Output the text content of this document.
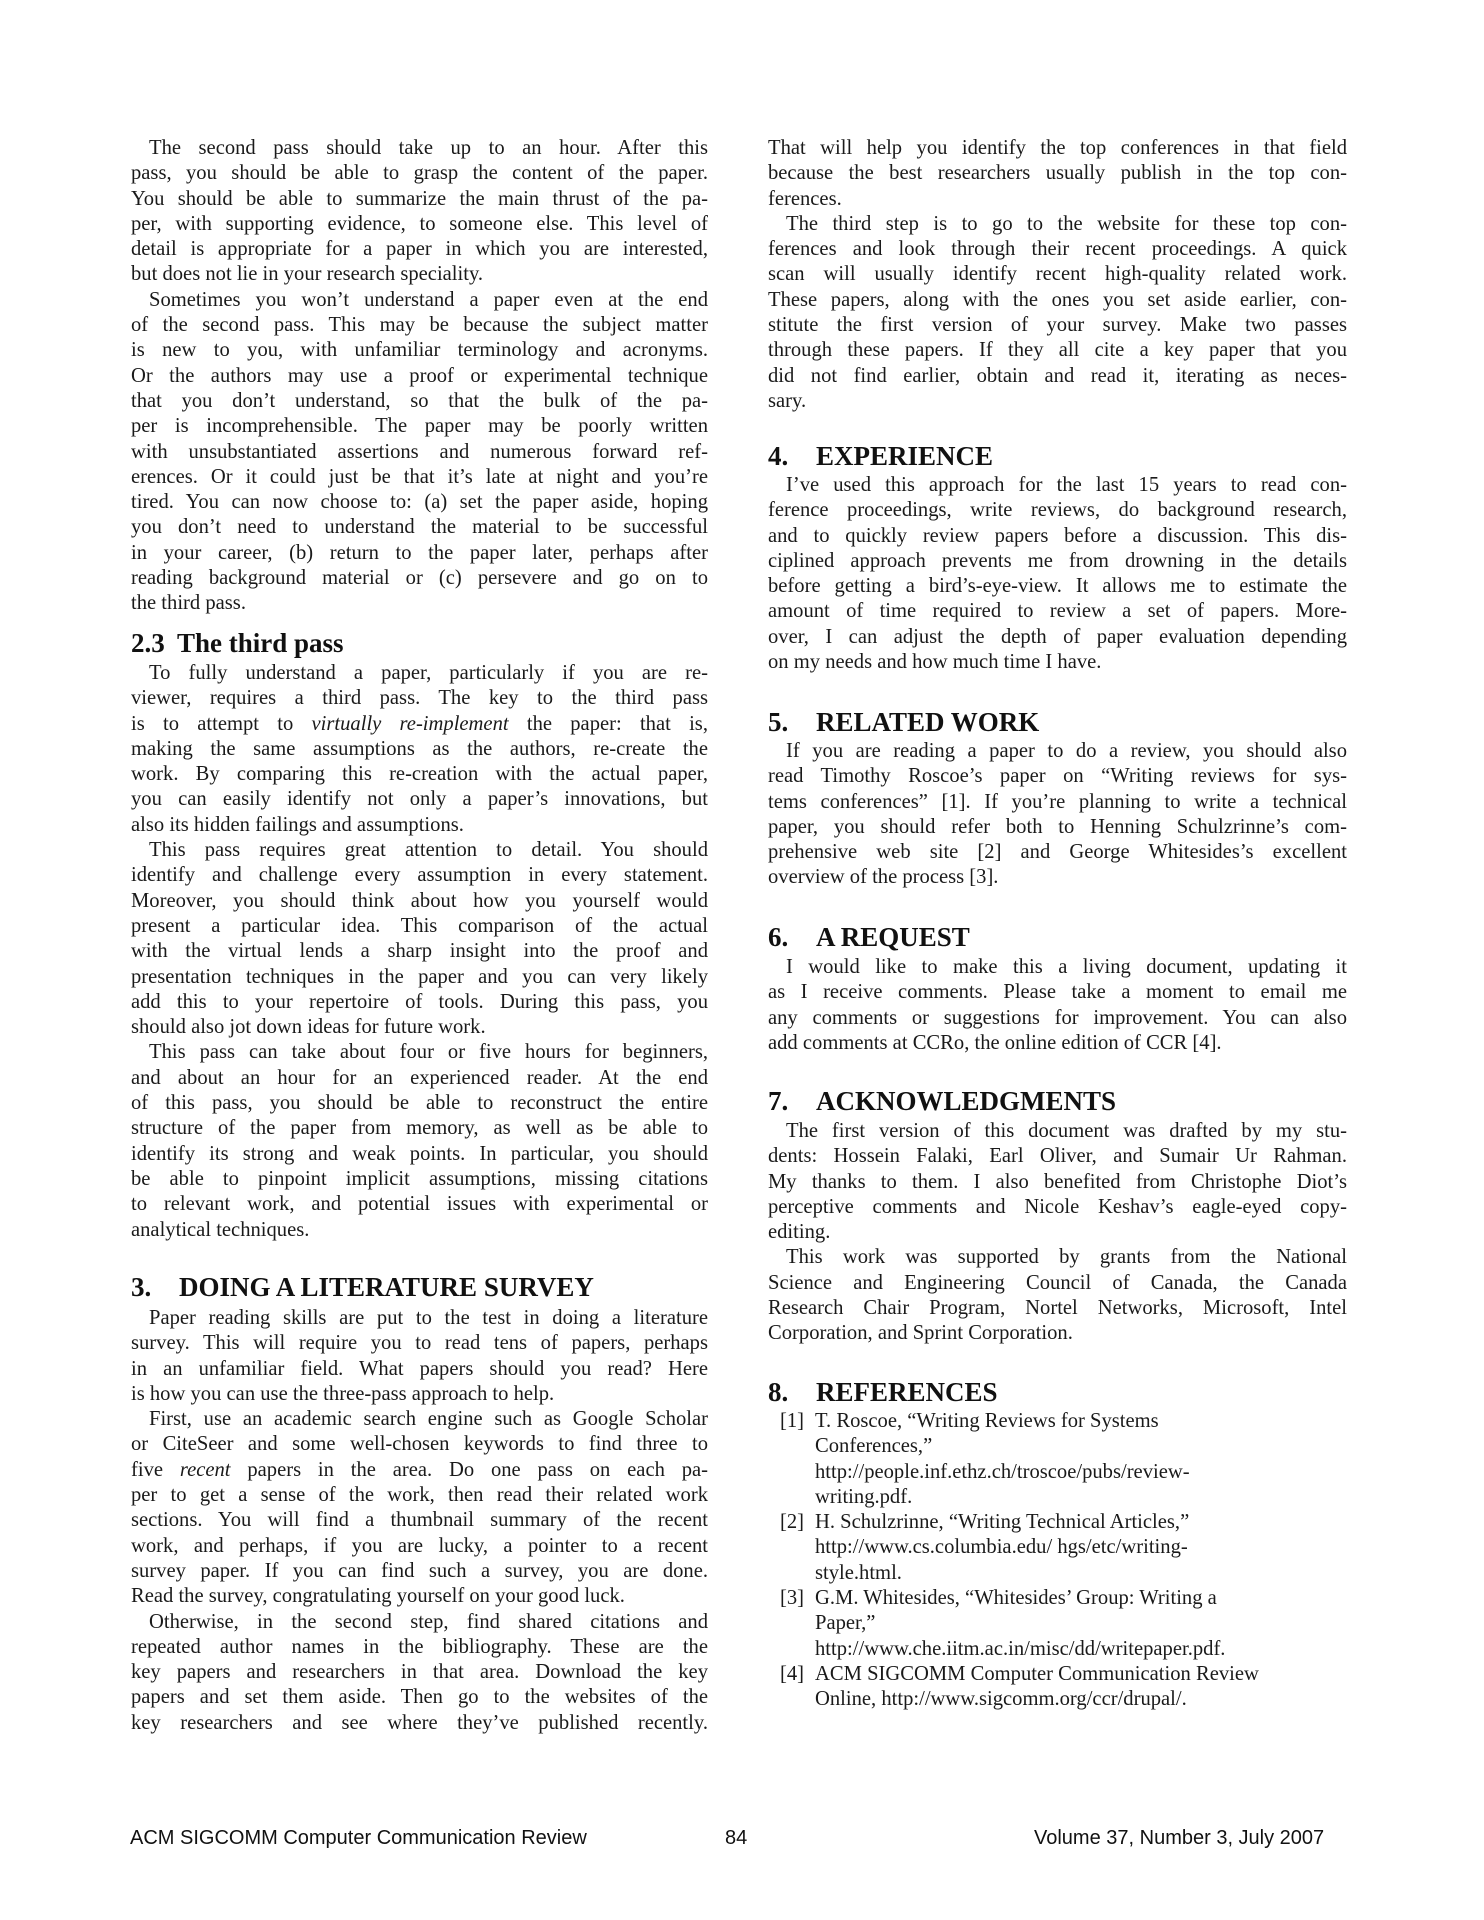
The second pass should take up to an hour. After this
pass, you should be able to grasp the content of the paper.
You should be able to summarize the main thrust of the pa-
per, with supporting evidence, to someone else. This level of
detail is appropriate for a paper in which you are interested,
but does not lie in your research speciality.
Sometimes you won’t understand a paper even at the end
of the second pass. This may be because the subject matter
is new to you, with unfamiliar terminology and acronyms.
Or the authors may use a proof or experimental technique
that you don’t understand, so that the bulk of the pa-
per is incomprehensible. The paper may be poorly written
with unsubstantiated assertions and numerous forward ref-
erences. Or it could just be that it’s late at night and you’re
tired. You can now choose to: (a) set the paper aside, hoping
you don’t need to understand the material to be successful
in your career, (b) return to the paper later, perhaps after
reading background material or (c) persevere and go on to
the third pass.
2.3 The third pass
To fully understand a paper, particularly if you are re-
viewer, requires a third pass. The key to the third pass
is to attempt to virtually re-implement the paper: that is,
making the same assumptions as the authors, re-create the
work. By comparing this re-creation with the actual paper,
you can easily identify not only a paper’s innovations, but
also its hidden failings and assumptions.
This pass requires great attention to detail. You should
identify and challenge every assumption in every statement.
Moreover, you should think about how you yourself would
present a particular idea. This comparison of the actual
with the virtual lends a sharp insight into the proof and
presentation techniques in the paper and you can very likely
add this to your repertoire of tools. During this pass, you
should also jot down ideas for future work.
This pass can take about four or five hours for beginners,
and about an hour for an experienced reader. At the end
of this pass, you should be able to reconstruct the entire
structure of the paper from memory, as well as be able to
identify its strong and weak points. In particular, you should
be able to pinpoint implicit assumptions, missing citations
to relevant work, and potential issues with experimental or
analytical techniques.
3. DOING A LITERATURE SURVEY
Paper reading skills are put to the test in doing a literature
survey. This will require you to read tens of papers, perhaps
in an unfamiliar field. What papers should you read? Here
is how you can use the three-pass approach to help.
First, use an academic search engine such as Google Scholar
or CiteSeer and some well-chosen keywords to find three to
five recent papers in the area. Do one pass on each pa-
per to get a sense of the work, then read their related work
sections. You will find a thumbnail summary of the recent
work, and perhaps, if you are lucky, a pointer to a recent
survey paper. If you can find such a survey, you are done.
Read the survey, congratulating yourself on your good luck.
Otherwise, in the second step, find shared citations and
repeated author names in the bibliography. These are the
key papers and researchers in that area. Download the key
papers and set them aside. Then go to the websites of the
key researchers and see where they’ve published recently.
That will help you identify the top conferences in that field
because the best researchers usually publish in the top con-
ferences.
The third step is to go to the website for these top con-
ferences and look through their recent proceedings. A quick
scan will usually identify recent high-quality related work.
These papers, along with the ones you set aside earlier, con-
stitute the first version of your survey. Make two passes
through these papers. If they all cite a key paper that you
did not find earlier, obtain and read it, iterating as neces-
sary.
4. EXPERIENCE
I’ve used this approach for the last 15 years to read con-
ference proceedings, write reviews, do background research,
and to quickly review papers before a discussion. This dis-
ciplined approach prevents me from drowning in the details
before getting a bird’s-eye-view. It allows me to estimate the
amount of time required to review a set of papers. More-
over, I can adjust the depth of paper evaluation depending
on my needs and how much time I have.
5. RELATED WORK
If you are reading a paper to do a review, you should also
read Timothy Roscoe’s paper on “Writing reviews for sys-
tems conferences” [1]. If you’re planning to write a technical
paper, you should refer both to Henning Schulzrinne’s com-
prehensive web site [2] and George Whitesides’s excellent
overview of the process [3].
6. A REQUEST
I would like to make this a living document, updating it
as I receive comments. Please take a moment to email me
any comments or suggestions for improvement. You can also
add comments at CCRo, the online edition of CCR [4].
7. ACKNOWLEDGMENTS
The first version of this document was drafted by my stu-
dents: Hossein Falaki, Earl Oliver, and Sumair Ur Rahman.
My thanks to them. I also benefited from Christophe Diot’s
perceptive comments and Nicole Keshav’s eagle-eyed copy-
editing.
This work was supported by grants from the National
Science and Engineering Council of Canada, the Canada
Research Chair Program, Nortel Networks, Microsoft, Intel
Corporation, and Sprint Corporation.
8. REFERENCES
[1] T. Roscoe, “Writing Reviews for Systems
Conferences,”
http://people.inf.ethz.ch/troscoe/pubs/review-
writing.pdf.
[2] H. Schulzrinne, “Writing Technical Articles,”
http://www.cs.columbia.edu/ hgs/etc/writing-
style.html.
[3] G.M. Whitesides, “Whitesides’ Group: Writing a
Paper,”
http://www.che.iitm.ac.in/misc/dd/writepaper.pdf.
[4] ACM SIGCOMM Computer Communication Review
Online, http://www.sigcomm.org/ccr/drupal/.
ACM SIGCOMM Computer Communication Review	84	Volume 37, Number 3, July 2007
